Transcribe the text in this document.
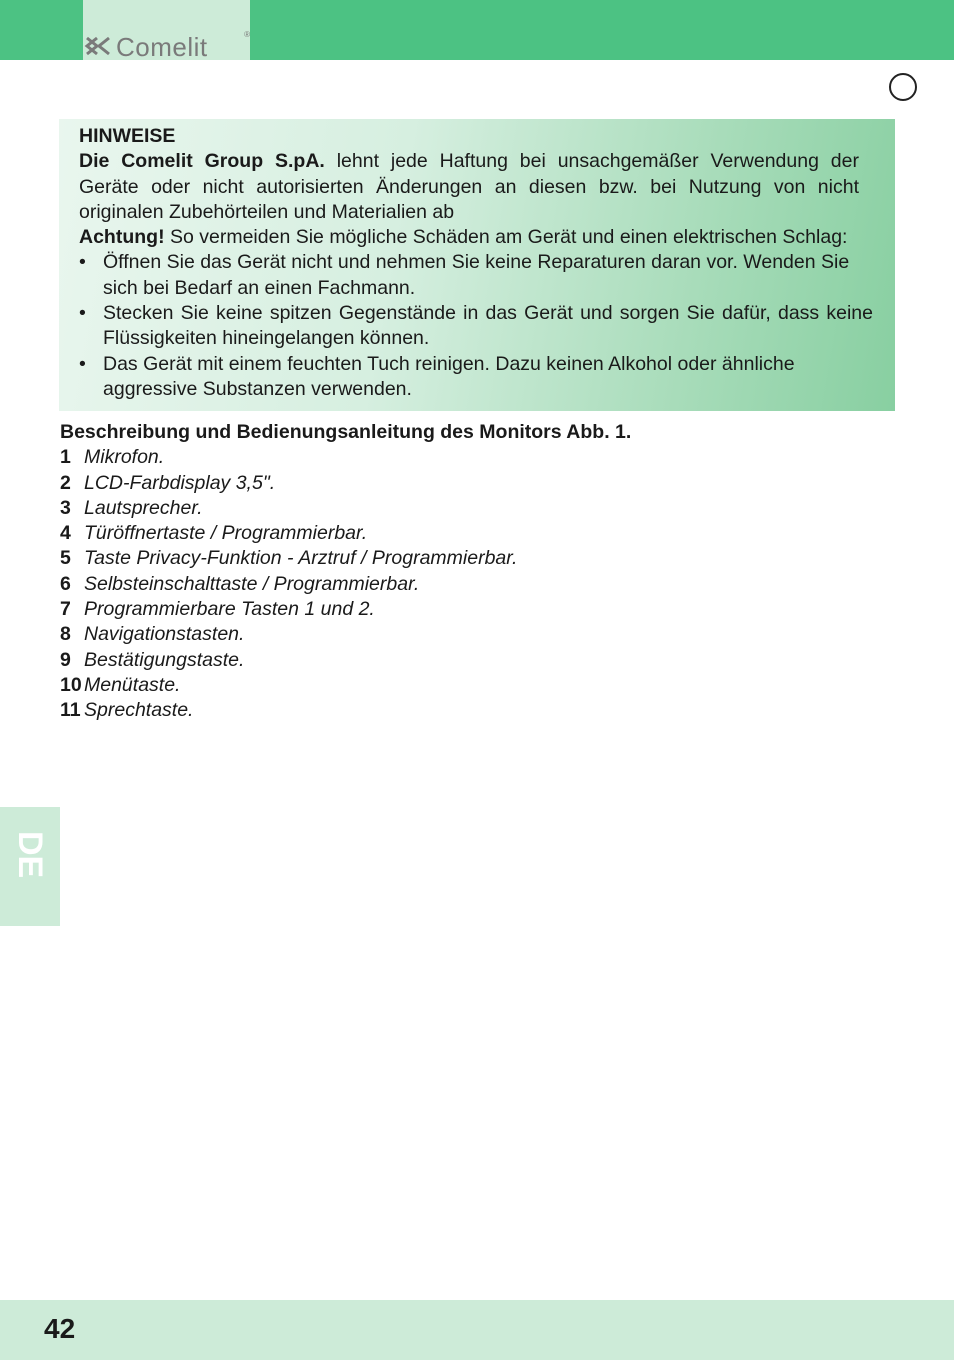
Comelit	®

HINWEISE

Die Comelit Group S.pA. lehnt jede Haftung bei unsachgemäßer Verwendung der Geräte oder nicht autorisierten Änderungen an diesen bzw. bei Nutzung von nicht originalen Zubehörteilen und Materialien ab

Achtung! So vermeiden Sie mögliche Schäden am Gerät und einen elektrischen Schlag:

• Öffnen Sie das Gerät nicht und nehmen Sie keine Reparaturen daran vor. Wenden Sie sich bei Bedarf an einen Fachmann.

• Stecken Sie keine spitzen Gegenstände in das Gerät und sorgen Sie dafür, dass keine Flüssigkeiten hineingelangen können.

• Das Gerät mit einem feuchten Tuch reinigen. Dazu keinen Alkohol oder ähnliche aggressive Substanzen verwenden.

Beschreibung und Bedienungsanleitung des Monitors Abb. 1.

1 Mikrofon.
2 LCD-Farbdisplay 3,5".
3 Lautsprecher.
4 Türöffnertaste / Programmierbar.
5 Taste Privacy-Funktion - Arztruf / Programmierbar.
6 Selbsteinschalttaste / Programmierbar.
7 Programmierbare Tasten 1 und 2.
8 Navigationstasten.
9 Bestätigungstaste.
10 Menütaste.
11 Sprechtaste.
DE
42
